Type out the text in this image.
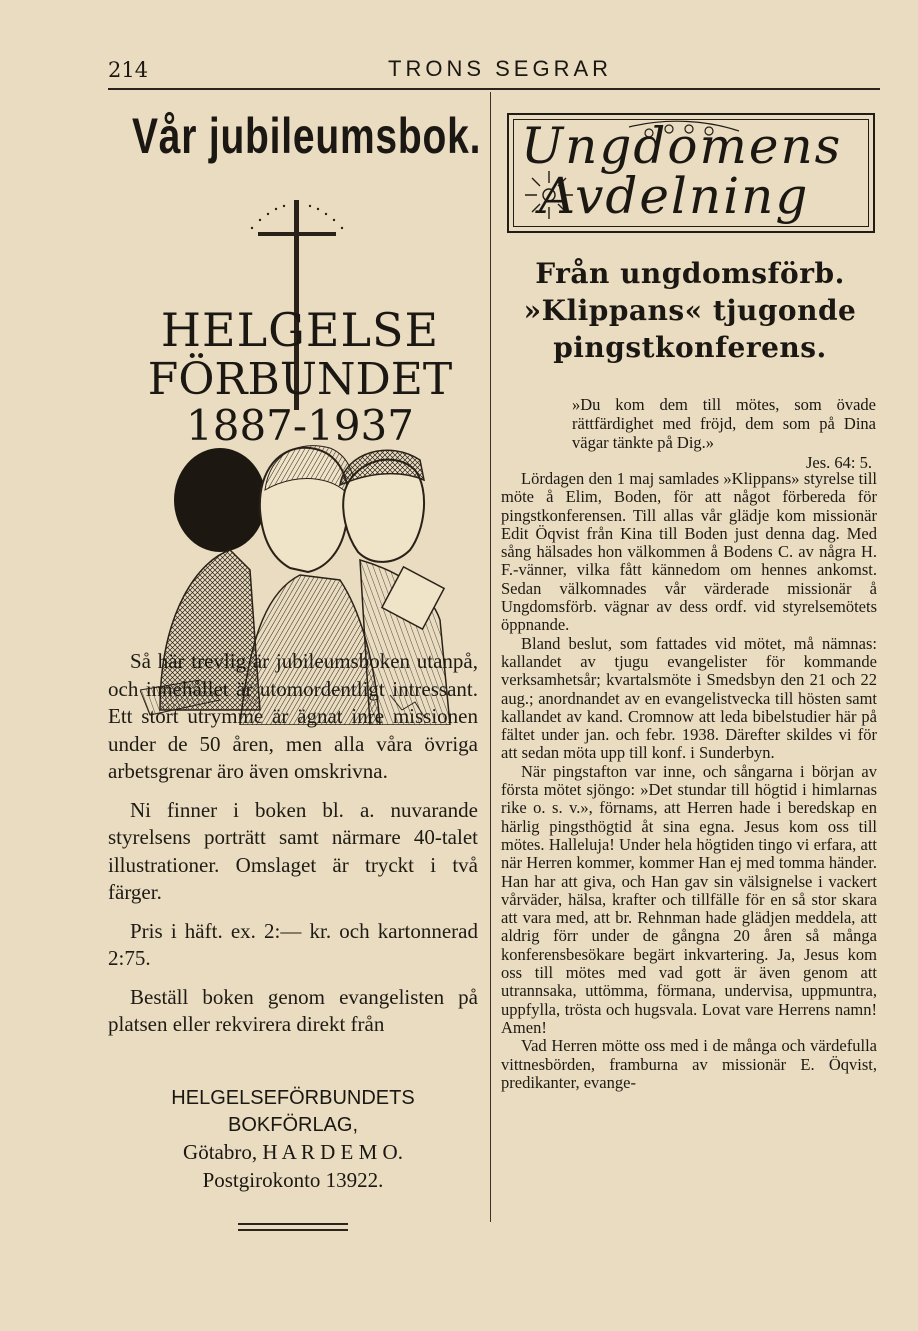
214	TRONS SEGRAR
Vår jubileumsbok.
HELGELSE
FÖRBUNDET
1887-1937

Så här trevlig är jubileumsboken utanpå, och innehållet är utomordentligt intressant. Ett stort utrymme är ägnat inre missionen under de 50 åren, men alla våra övriga arbetsgrenar äro även omskrivna.

Ni finner i boken bl. a. nuvarande styrelsens porträtt samt närmare 40-talet illustrationer. Omslaget är tryckt i två färger.

Pris i häft. ex. 2:— kr. och kartonnerad 2:75.

Beställ boken genom evangelisten på platsen eller rekvirera direkt från

HELGELSEFÖRBUNDETS
BOKFÖRLAG,
Götabro, H A R D E M O.
Postgirokonto 13922.
Ungdomens
Avdelning
Från ungdomsförb. »Klippans« tjugonde pingstkonferens.
»Du kom dem till mötes, som övade rättfärdighet med fröjd, dem som på Dina vägar tänkte på Dig.»
Jes. 64: 5.

Lördagen den 1 maj samlades »Klippans» styrelse till möte å Elim, Boden, för att något förbereda för pingstkonferensen. Till allas vår glädje kom missionär Edit Öqvist från Kina till Boden just denna dag. Med sång hälsades hon välkommen å Bodens C. av några H. F.-vänner, vilka fått kännedom om hennes ankomst. Sedan välkomnades vår värderade missionär å Ungdomsförb. vägnar av dess ordf. vid styrelsemötets öppnande.

Bland beslut, som fattades vid mötet, må nämnas: kallandet av tjugu evangelister för kommande verksamhetsår; kvartalsmöte i Smedsbyn den 21 och 22 aug.; anordnandet av en evangelistvecka till hösten samt kallandet av kand. Cromnow att leda bibelstudier här på fältet under jan. och febr. 1938. Därefter skildes vi för att sedan möta upp till konf. i Sunderbyn.

När pingstafton var inne, och sångarna i början av första mötet sjöngo: »Det stundar till högtid i himlarnas rike o. s. v.», förnams, att Herren hade i beredskap en härlig pingsthögtid åt sina egna. Jesus kom oss till mötes. Halleluja! Under hela högtiden tingo vi erfara, att när Herren kommer, kommer Han ej med tomma händer. Han har att giva, och Han gav sin välsignelse i vackert vårväder, hälsa, krafter och tillfälle för en så stor skara att vara med, att br. Rehnman hade glädjen meddela, att aldrig förr under de gångna 20 åren så många konferensbesökare begärt inkvartering. Ja, Jesus kom oss till mötes med vad gott är även genom att utrannsaka, uttömma, förmana, undervisa, uppmuntra, uppfylla, trösta och hugsvala. Lovat vare Herrens namn! Amen!

Vad Herren mötte oss med i de många och värdefulla vittnesbörden, framburna av missionär E. Öqvist, predikanter, evange-
